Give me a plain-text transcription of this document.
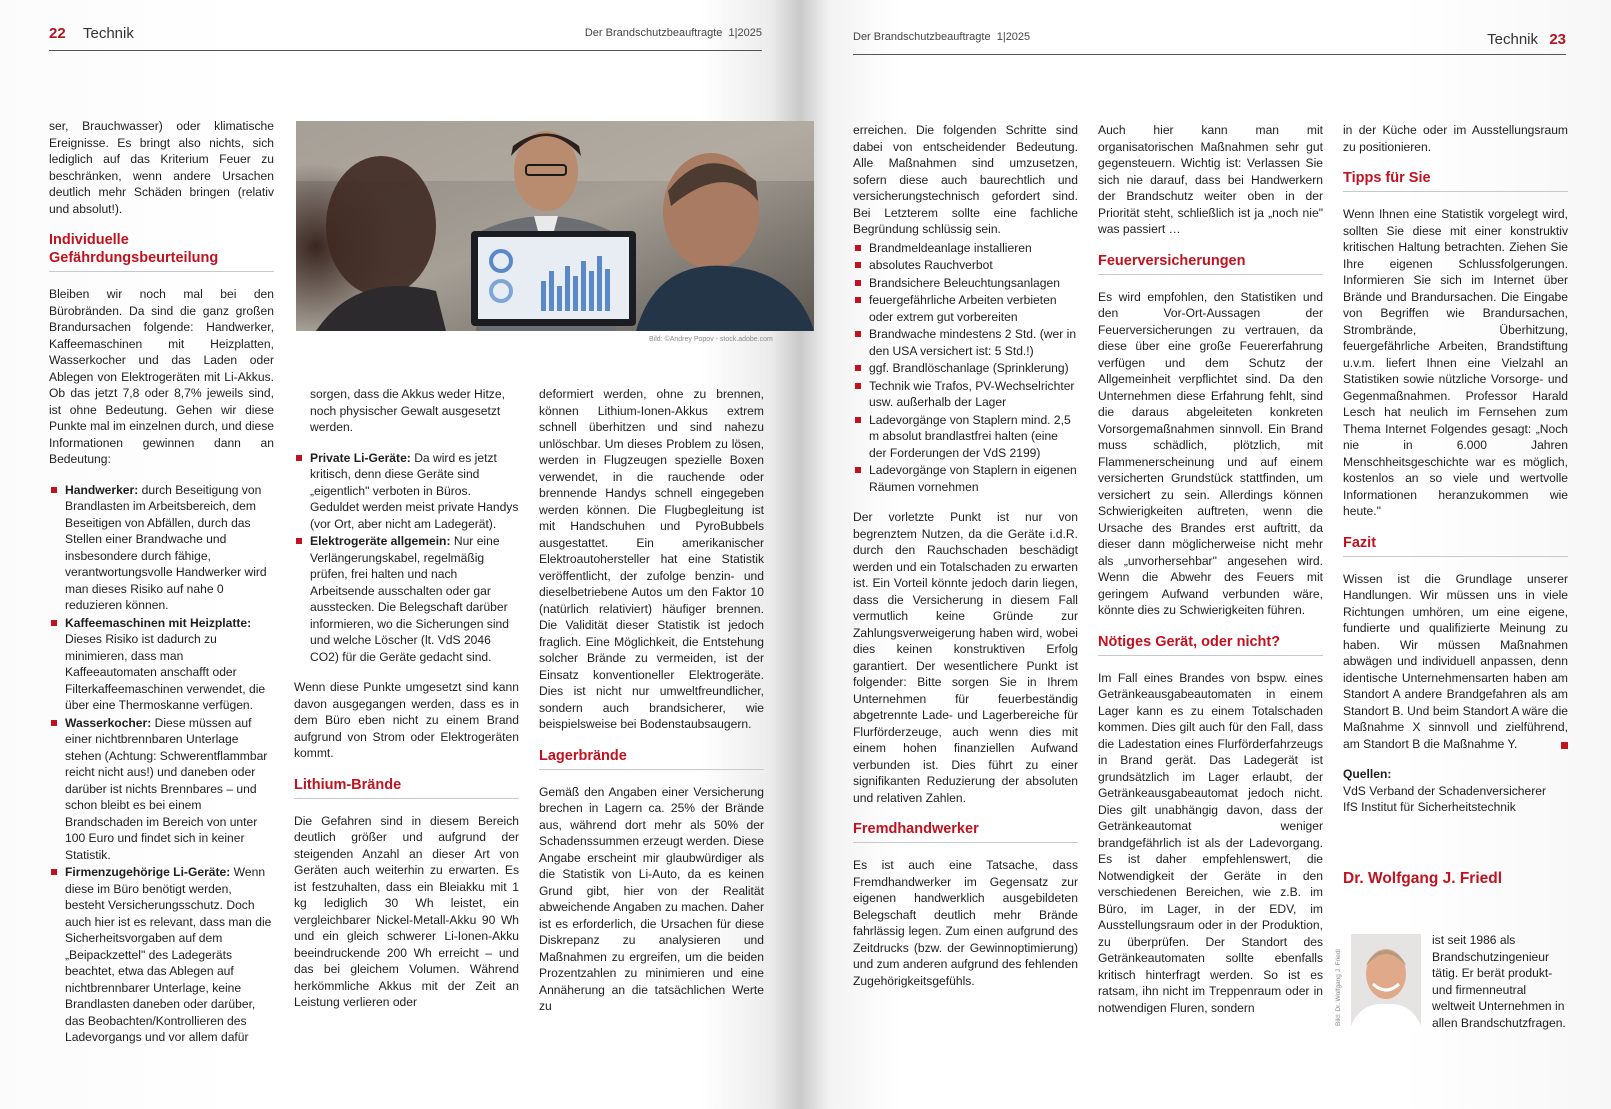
22 Technik	Der Brandschutzbeauftragte 1|2025

ser, Brauchwasser) oder klimatische Ereignisse. Es bringt also nichts, sich lediglich auf das Kriterium Feuer zu beschränken, wenn andere Ursachen deutlich mehr Schäden bringen (relativ und absolut!).

Individuelle Gefährdungsbeurteilung

Bleiben wir noch mal bei den Bürobränden. Da sind die ganz großen Brandursachen folgende: Handwerker, Kaffeemaschinen mit Heizplatten, Wasserkocher und das Laden oder Ablegen von Elektrogeräten mit Li-Akkus. Ob das jetzt 7,8 oder 8,7% jeweils sind, ist ohne Bedeutung. Gehen wir diese Punkte mal im einzelnen durch, und diese Informationen gewinnen dann an Bedeutung:

Handwerker: durch Beseitigung von Brandlasten im Arbeitsbereich, dem Beseitigen von Abfällen, durch das Stellen einer Brandwache und insbesondere durch fähige, verantwortungsvolle Handwerker wird man dieses Risiko auf nahe 0 reduzieren können.
Kaffeemaschinen mit Heizplatte: Dieses Risiko ist dadurch zu minimieren, dass man Kaffeeautomaten anschafft oder Filterkaffeemaschinen verwendet, die über eine Thermoskanne verfügen.
Wasserkocher: Diese müssen auf einer nichtbrennbaren Unterlage stehen (Achtung: Schwerentflammbar reicht nicht aus!) und daneben oder darüber ist nichts Brennbares – und schon bleibt es bei einem Brandschaden im Bereich von unter 100 Euro und findet sich in keiner Statistik.
Firmenzugehörige Li-Geräte: Wenn diese im Büro benötigt werden, besteht Versicherungsschutz. Doch auch hier ist es relevant, dass man die Sicherheitsvorgaben auf dem „Beipackzettel" des Ladegeräts beachtet, etwa das Ablegen auf nichtbrennbarer Unterlage, keine Brandlasten daneben oder darüber, das Beobachten/Kontrollieren des Ladevorgangs und vor allem dafür
Bild: ©Andrey Popov - stock.adobe.com

sorgen, dass die Akkus weder Hitze, noch physischer Gewalt ausgesetzt werden.

Private Li-Geräte: Da wird es jetzt kritisch, denn diese Geräte sind „eigentlich" verboten in Büros. Geduldet werden meist private Handys (vor Ort, aber nicht am Ladegerät).
Elektrogeräte allgemein: Nur eine Verlängerungskabel, regelmäßig prüfen, frei halten und nach Arbeitsende ausschalten oder gar ausstecken. Die Belegschaft darüber informieren, wo die Sicherungen sind und welche Löscher (lt. VdS 2046 CO2) für die Geräte gedacht sind.

Wenn diese Punkte umgesetzt sind kann davon ausgegangen werden, dass es in dem Büro eben nicht zu einem Brand aufgrund von Strom oder Elektrogeräten kommt.

Lithium-Brände

Die Gefahren sind in diesem Bereich deutlich größer und aufgrund der steigenden Anzahl an dieser Art von Geräten auch weiterhin zu erwarten. Es ist festzuhalten, dass ein Bleiakku mit 1 kg lediglich 30 Wh leistet, ein vergleichbarer Nickel-Metall-Akku 90 Wh und ein gleich schwerer Li-Ionen-Akku beeindruckende 200 Wh erreicht – und das bei gleichem Volumen. Während herkömmliche Akkus mit der Zeit an Leistung verlieren oder

deformiert werden, ohne zu brennen, können Lithium-Ionen-Akkus extrem schnell überhitzen und sind nahezu unlöschbar. Um dieses Problem zu lösen, werden in Flugzeugen spezielle Boxen verwendet, in die rauchende oder brennende Handys schnell eingegeben werden können. Die Flugbegleitung ist mit Handschuhen und PyroBubbels ausgestattet. Ein amerikanischer Elektroautohersteller hat eine Statistik veröffentlicht, der zufolge benzin- und dieselbetriebene Autos um den Faktor 10 (natürlich relativiert) häufiger brennen. Die Validität dieser Statistik ist jedoch fraglich. Eine Möglichkeit, die Entstehung solcher Brände zu vermeiden, ist der Einsatz konventioneller Elektrogeräte. Dies ist nicht nur umweltfreundlicher, sondern auch brandsicherer, wie beispielsweise bei Bodenstaubsaugern.

Lagerbrände

Gemäß den Angaben einer Versicherung brechen in Lagern ca. 25% der Brände aus, während dort mehr als 50% der Schadenssummen erzeugt werden. Diese Angabe erscheint mir glaubwürdiger als die Statistik von Li-Auto, da es keinen Grund gibt, hier von der Realität abweichende Angaben zu machen. Daher ist es erforderlich, die Ursachen für diese Diskrepanz zu analysieren und Maßnahmen zu ergreifen, um die beiden Prozentzahlen zu minimieren und eine Annäherung an die tatsächlichen Werte zu

Der Brandschutzbeauftragte 1|2025	Technik 23

erreichen. Die folgenden Schritte sind dabei von entscheidender Bedeutung. Alle Maßnahmen sind umzusetzen, sofern diese auch baurechtlich und versicherungstechnisch gefordert sind. Bei Letzterem sollte eine fachliche Begründung schlüssig sein.

Brandmeldeanlage installieren
absolutes Rauchverbot
Brandsichere Beleuchtungsanlagen
feuergefährliche Arbeiten verbieten oder extrem gut vorbereiten
Brandwache mindestens 2 Std. (wer in den USA versichert ist: 5 Std.!)
ggf. Brandlöschanlage (Sprinklerung)
Technik wie Trafos, PV-Wechselrichter usw. außerhalb der Lager
Ladevorgänge von Staplern mind. 2,5 m absolut brandlastfrei halten (eine der Forderungen der VdS 2199)
Ladevorgänge von Staplern in eigenen Räumen vornehmen

Der vorletzte Punkt ist nur von begrenztem Nutzen, da die Geräte i.d.R. durch den Rauchschaden beschädigt werden und ein Totalschaden zu erwarten ist. Ein Vorteil könnte jedoch darin liegen, dass die Versicherung in diesem Fall vermutlich keine Gründe zur Zahlungsverweigerung haben wird, wobei dies keinen konstruktiven Erfolg garantiert. Der wesentlichere Punkt ist folgender: Bitte sorgen Sie in Ihrem Unternehmen für feuerbeständig abgetrennte Lade- und Lagerbereiche für Flurförderzeuge, auch wenn dies mit einem hohen finanziellen Aufwand verbunden ist. Dies führt zu einer signifikanten Reduzierung der absoluten und relativen Zahlen.

Fremdhandwerker

Es ist auch eine Tatsache, dass Fremdhandwerker im Gegensatz zur eigenen handwerklich ausgebildeten Belegschaft deutlich mehr Brände fahrlässig legen. Zum einen aufgrund des Zeitdrucks (bzw. der Gewinnoptimierung) und zum anderen aufgrund des fehlenden Zugehörigkeitsgefühls.

Auch hier kann man mit organisatorischen Maßnahmen sehr gut gegensteuern. Wichtig ist: Verlassen Sie sich nie darauf, dass bei Handwerkern der Brandschutz weiter oben in der Priorität steht, schließlich ist ja „noch nie" was passiert …

Feuerversicherungen

Es wird empfohlen, den Statistiken und den Vor-Ort-Aussagen der Feuerversicherungen zu vertrauen, da diese über eine große Feuererfahrung verfügen und dem Schutz der Allgemeinheit verpflichtet sind. Da den Unternehmen diese Erfahrung fehlt, sind die daraus abgeleiteten konkreten Vorsorgemaßnahmen sinnvoll. Ein Brand muss schädlich, plötzlich, mit Flammenerscheinung und auf einem versicherten Grundstück stattfinden, um versichert zu sein. Allerdings können Schwierigkeiten auftreten, wenn die Ursache des Brandes erst auftritt, da dieser dann möglicherweise nicht mehr als „unvorhersehbar" angesehen wird. Wenn die Abwehr des Feuers mit geringem Aufwand verbunden wäre, könnte dies zu Schwierigkeiten führen.

Nötiges Gerät, oder nicht?

Im Fall eines Brandes von bspw. eines Getränkeausgabeautomaten in einem Lager kann es zu einem Totalschaden kommen. Dies gilt auch für den Fall, dass die Ladestation eines Flurförderfahrzeugs in Brand gerät. Das Ladegerät ist grundsätzlich im Lager erlaubt, der Getränkeausgabeautomat jedoch nicht. Dies gilt unabhängig davon, dass der Getränkeautomat weniger brandgefährlich ist als der Ladevorgang. Es ist daher empfehlenswert, die Notwendigkeit der Geräte in den verschiedenen Bereichen, wie z.B. im Büro, im Lager, in der EDV, im Ausstellungsraum oder in der Produktion, zu überprüfen. Der Standort des Getränkeautomaten sollte ebenfalls kritisch hinterfragt werden. So ist es ratsam, ihn nicht im Treppenraum oder in notwendigen Fluren, sondern

in der Küche oder im Ausstellungsraum zu positionieren.

Tipps für Sie

Wenn Ihnen eine Statistik vorgelegt wird, sollten Sie diese mit einer konstruktiv kritischen Haltung betrachten. Ziehen Sie Ihre eigenen Schlussfolgerungen. Informieren Sie sich im Internet über Brände und Brandursachen. Die Eingabe von Begriffen wie Brandursachen, Strombrände, Überhitzung, feuergefährliche Arbeiten, Brandstiftung u.v.m. liefert Ihnen eine Vielzahl an Statistiken sowie nützliche Vorsorge- und Gegenmaßnahmen. Professor Harald Lesch hat neulich im Fernsehen zum Thema Internet Folgendes gesagt: „Noch nie in 6.000 Jahren Menschheitsgeschichte war es möglich, kostenlos an so viele und wertvolle Informationen heranzukommen wie heute."

Fazit

Wissen ist die Grundlage unserer Handlungen. Wir müssen uns in viele Richtungen umhören, um eine eigene, fundierte und qualifizierte Meinung zu haben. Wir müssen Maßnahmen abwägen und individuell anpassen, denn identische Unternehmensarten haben am Standort A andere Brandgefahren als am Standort B. Und beim Standort A wäre die Maßnahme X sinnvoll und zielführend, am Standort B die Maßnahme Y.

Quellen:
VdS Verband der Schadenversicherer
IfS Institut für Sicherheitstechnik
Dr. Wolfgang J. Friedl
Bild: Dr. Wolfgang J. Friedl
ist seit 1986 als Brandschutzingenieur tätig. Er berät produkt- und firmenneutral weltweit Unternehmen in allen Brandschutzfragen.
